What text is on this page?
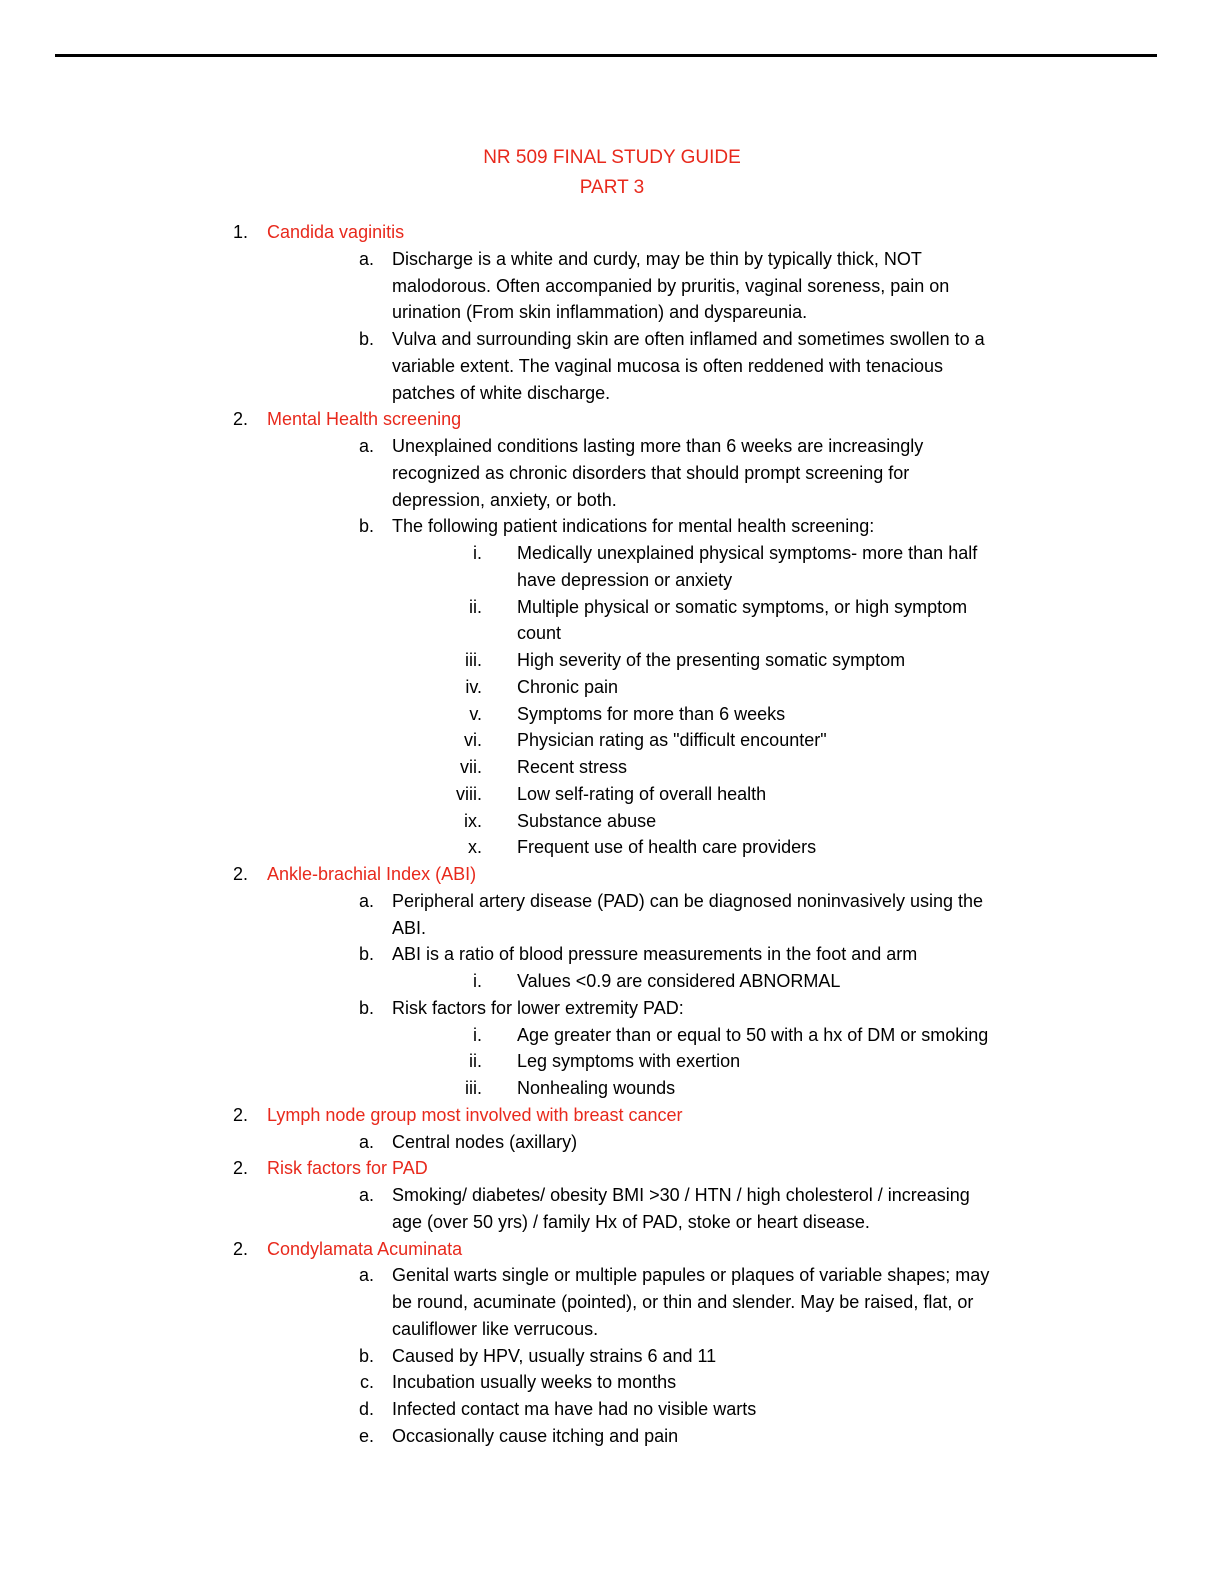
NR 509 FINAL STUDY GUIDE
PART 3
1. Candida vaginitis
a. Discharge is a white and curdy, may be thin by typically thick, NOT
malodorous. Often accompanied by pruritis, vaginal soreness, pain on
urination (From skin inflammation) and dyspareunia.
b. Vulva and surrounding skin are often inflamed and sometimes swollen to a
variable extent. The vaginal mucosa is often reddened with tenacious
patches of white discharge.
2. Mental Health screening
a. Unexplained conditions lasting more than 6 weeks are increasingly
recognized as chronic disorders that should prompt screening for
depression, anxiety, or both.
b. The following patient indications for mental health screening:
i. Medically unexplained physical symptoms- more than half
have depression or anxiety
ii. Multiple physical or somatic symptoms, or high symptom
count
iii. High severity of the presenting somatic symptom
iv. Chronic pain
v. Symptoms for more than 6 weeks
vi. Physician rating as "difficult encounter"
vii. Recent stress
viii. Low self-rating of overall health
ix. Substance abuse
x. Frequent use of health care providers
2. Ankle-brachial Index (ABI)
a. Peripheral artery disease (PAD) can be diagnosed noninvasively using the
ABI.
b. ABI is a ratio of blood pressure measurements in the foot and arm
i. Values <0.9 are considered ABNORMAL
b. Risk factors for lower extremity PAD:
i. Age greater than or equal to 50 with a hx of DM or smoking
ii. Leg symptoms with exertion
iii. Nonhealing wounds
2. Lymph node group most involved with breast cancer
a. Central nodes (axillary)
2. Risk factors for PAD
a. Smoking/ diabetes/ obesity BMI >30 / HTN / high cholesterol / increasing
age (over 50 yrs) / family Hx of PAD, stoke or heart disease.
2. Condylamata Acuminata
a. Genital warts single or multiple papules or plaques of variable shapes; may
be round, acuminate (pointed), or thin and slender. May be raised, flat, or
cauliflower like verrucous.
b. Caused by HPV, usually strains 6 and 11
c. Incubation usually weeks to months
d. Infected contact ma have had no visible warts
e. Occasionally cause itching and pain
